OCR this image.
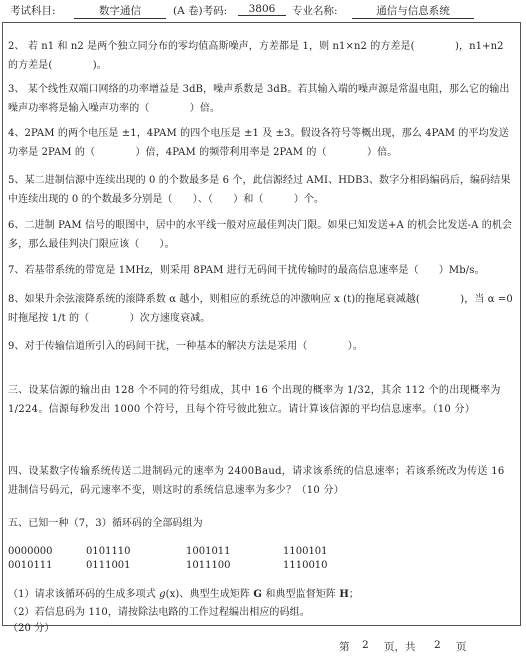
考试科目:	数字通信	(A 卷)考码:	3806	专业名称:	通信与信息系统
2、 若 n1 和 n2 是两个独立同分布的零均值高斯噪声，方差都是 1，则 n1×n2 的方差是(　　　　)，n1+n2 的方差是(　　　　)。
3、 某个线性双端口网络的功率增益是 3dB，噪声系数是 3dB。若其输入端的噪声源是常温电阻，那么它的输出噪声功率将是输入噪声功率的（　　　　）倍。
4、2PAM 的两个电压是 ±1，4PAM 的四个电压是 ±1 及 ±3。假设各符号等概出现，那么 4PAM 的平均发送功率是 2PAM 的（　　　　）倍，4PAM 的频带利用率是 2PAM 的（　　　　）倍。
5、某二进制信源中连续出现的 0 的个数最多是 6 个，此信源经过 AMI、HDB3、数字分相码编码后，编码结果中连续出现的 0 的个数最多分别是（　　）、（　　）和（　　　）个。
6、二进制 PAM 信号的眼图中，居中的水平线一般对应最佳判决门限。如果已知发送+A 的机会比发送-A 的机会多，那么最佳判决门限应该（　　）。
7、若基带系统的带宽是 1MHz，则采用 8PAM 进行无码间干扰传输时的最高信息速率是（　　）Mb/s。
8、如果升余弦滚降系统的滚降系数 α 越小，则相应的系统总的冲激响应 x (t)的拖尾衰减越(　　　　)，当 α =0 时拖尾按 1/t 的（　　　　）次方速度衰减。
9、对于传输信道所引入的码间干扰，一种基本的解决方法是采用（　　　　）。
三、设某信源的输出由 128 个不同的符号组成，其中 16 个出现的概率为 1/32，其余 112 个的出现概率为 1/224。信源每秒发出 1000 个符号，且每个符号彼此独立。请计算该信源的平均信息速率。（10 分）
四、设某数字传输系统传送二进制码元的速率为 2400Baud，请求该系统的信息速率；若该系统改为传送 16 进制信号码元，码元速率不变，则这时的系统信息速率为多少？（10 分）
五、已知一种（7，3）循环码的全部码组为
0000000	0101110	1001011	1100101
0010111	0111001	1011100	1110010
（1）请求该循环码的生成多项式 g(x)、典型生成矩阵 G 和典型监督矩阵 H；
（2）若信息码为 110，请按除法电路的工作过程编出相应的码组。
（20 分）
第 2 页，共 2 页
